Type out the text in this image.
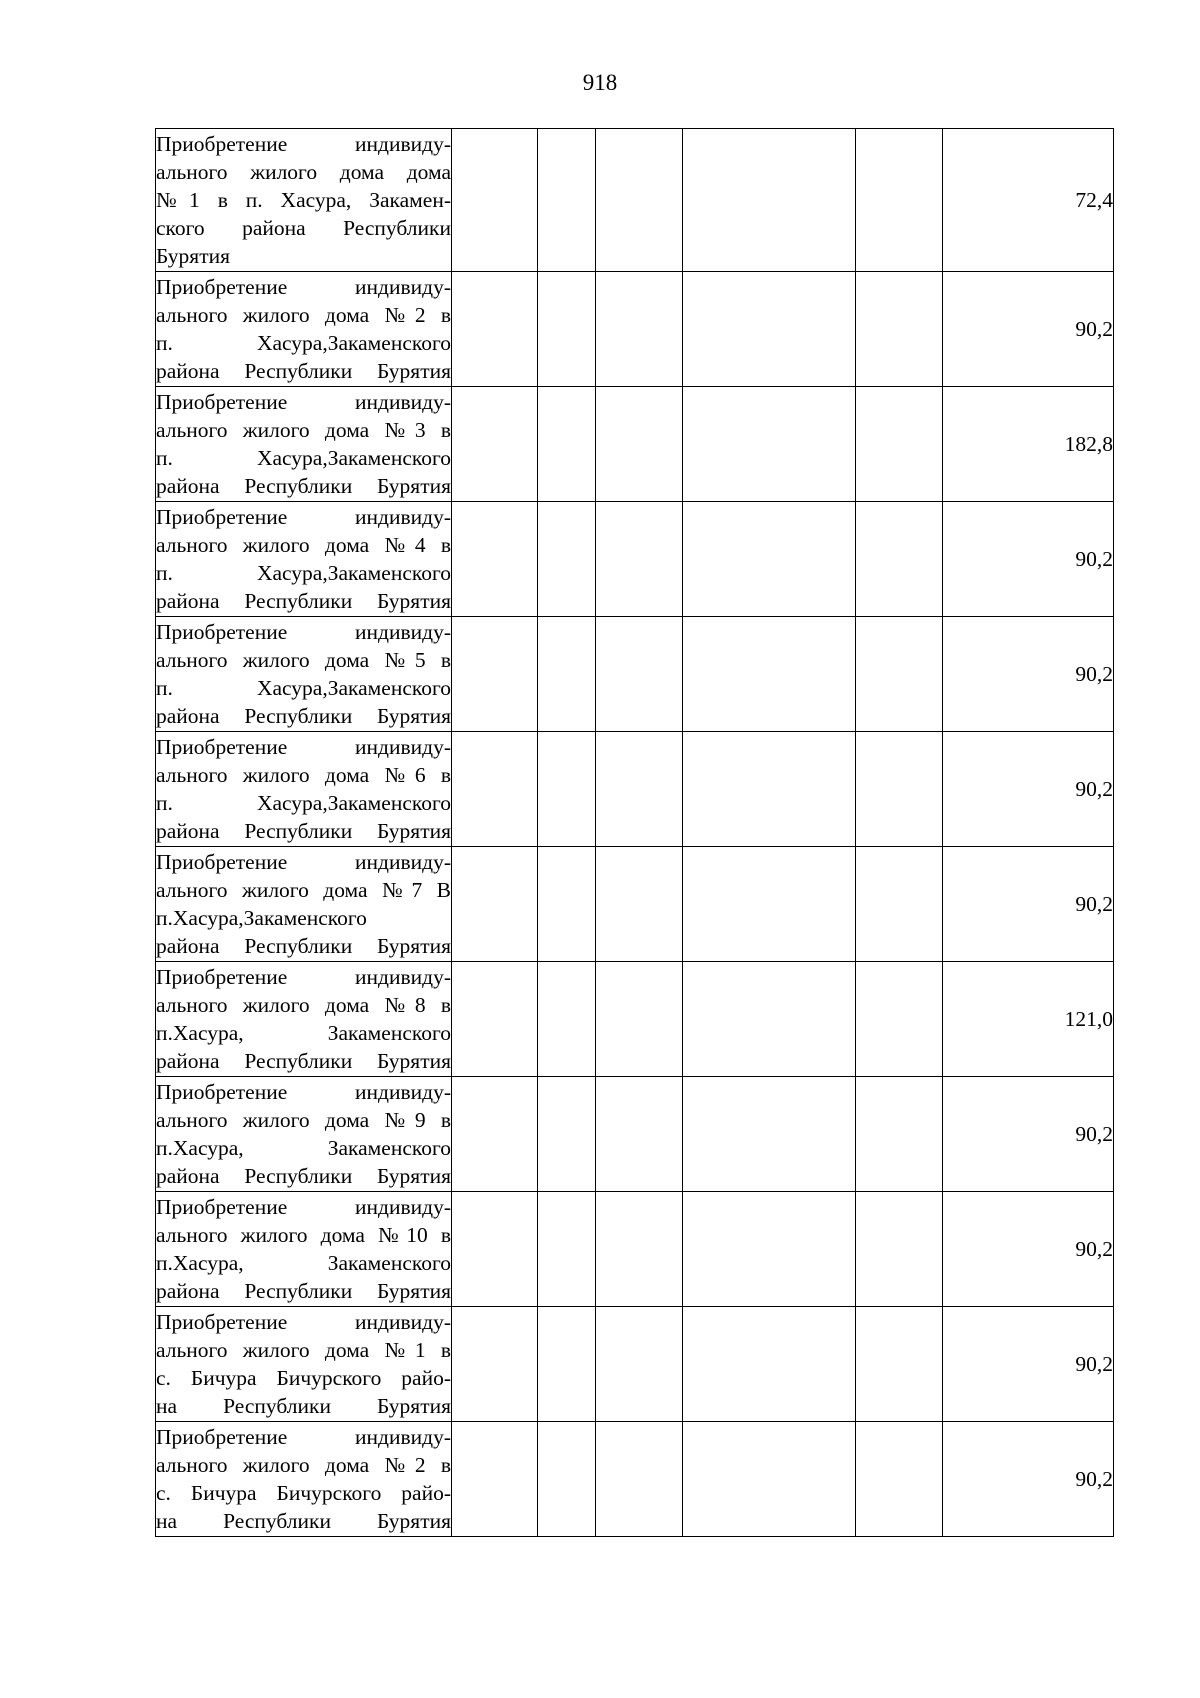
918
Приобретение индивиду-
ального жилого дома дома
№1 в п. Хасура, Закамен-
ского района Республики
Бурятия						72,4

Приобретение индивиду-
ального жилого дома №2 в
п. Хасура,Закаменского
района Республики Бурятия						90,2

Приобретение индивиду-
ального жилого дома №3 в
п. Хасура,Закаменского
района Республики Бурятия						182,8

Приобретение индивиду-
ального жилого дома №4 в
п. Хасура,Закаменского
района Республики Бурятия						90,2

Приобретение индивиду-
ального жилого дома №5 в
п. Хасура,Закаменского
района Республики Бурятия						90,2

Приобретение индивиду-
ального жилого дома №6 в
п. Хасура,Закаменского
района Республики Бурятия						90,2

Приобретение индивиду-
ального жилого дома №7 В
п.Хасура,Закаменского
района Республики Бурятия						90,2

Приобретение индивиду-
ального жилого дома №8 в
п.Хасура, Закаменского
района Республики Бурятия						121,0

Приобретение индивиду-
ального жилого дома №9 в
п.Хасура, Закаменского
района Республики Бурятия						90,2

Приобретение индивиду-
ального жилого дома №10 в
п.Хасура, Закаменского
района Республики Бурятия						90,2

Приобретение индивиду-
ального жилого дома №1 в
с. Бичура Бичурского райо-
на Республики Бурятия						90,2

Приобретение индивиду-
ального жилого дома №2 в
с. Бичура Бичурского райо-
на Республики Бурятия						90,2
